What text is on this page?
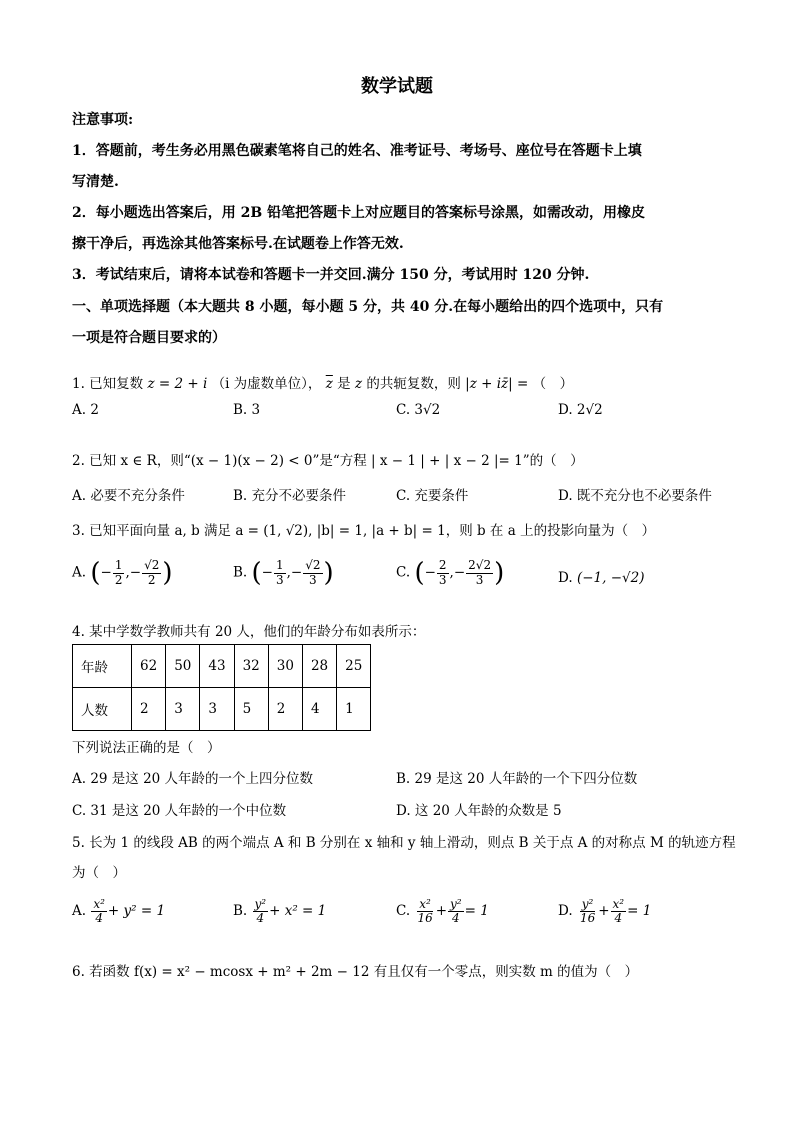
数学试题
注意事项:
1．答题前，考生务必用黑色碳素笔将自己的姓名、准考证号、考场号、座位号在答题卡上填
写清楚.
2．每小题选出答案后，用 2B 铅笔把答题卡上对应题目的答案标号涂黑，如需改动，用橡皮
擦干净后，再选涂其他答案标号.在试题卷上作答无效.
3．考试结束后，请将本试卷和答题卡一并交回.满分 150 分，考试用时 120 分钟.
一、单项选择题（本大题共 8 小题，每小题 5 分，共 40 分.在每小题给出的四个选项中，只有
一项是符合题目要求的）
1. 已知复数 z = 2 + i （i 为虚数单位）， $\overline{z}$ 是 z 的共轭复数，则 |z + iz̄| = （　）
A. 2	B. 3	C. 3√2	D. 2√2
2. 已知 x ∈ R，则“(x − 1)(x − 2) < 0”是“方程 | x − 1 | + | x − 2 |= 1”的（　）
A. 必要不充分条件	B. 充分不必要条件	C. 充要条件	D. 既不充分也不必要条件
3. 已知平面向量 a, b 满足 a = (1, √2), |b| = 1, |a + b| = 1，则 b 在 a 上的投影向量为（　）
A. (− $\frac{1}{2}$ ,− $\frac{√2}{2}$ )	B. (− $\frac{1}{3}$ ,− $\frac{√2}{3}$ )	C. (− $\frac{2}{3}$ ,− $\frac{2√2}{3}$ )	D. (−1, −√2)
4. 某中学数学教师共有 20 人，他们的年龄分布如表所示：
年龄	62	50	43	32	30	28	25
人数	2	3	3	5	2	4	1
下列说法正确的是（　）
A. 29 是这 20 人年龄的一个上四分位数	B. 29 是这 20 人年龄的一个下四分位数
C. 31 是这 20 人年龄的一个中位数	D. 这 20 人年龄的众数是 5
5. 长为 1 的线段 AB 的两个端点 A 和 B 分别在 x 轴和 y 轴上滑动，则点 B 关于点 A 的对称点 M 的轨迹方程
为（　）
A. $\frac{\text{x²}}{4} + y^2 = 1$	B. $\frac{\text{y²}}{4} + x^2 = 1$	C. $\frac{\text{x²}}{16} + \frac{\text{y²}}{4} = 1$	D. $\frac{\text{y²}}{16} + \frac{\text{x²}}{4} = 1$
6. 若函数 f(x) = x² − mcosx + m² + 2m − 12 有且仅有一个零点，则实数 m 的值为（　）
